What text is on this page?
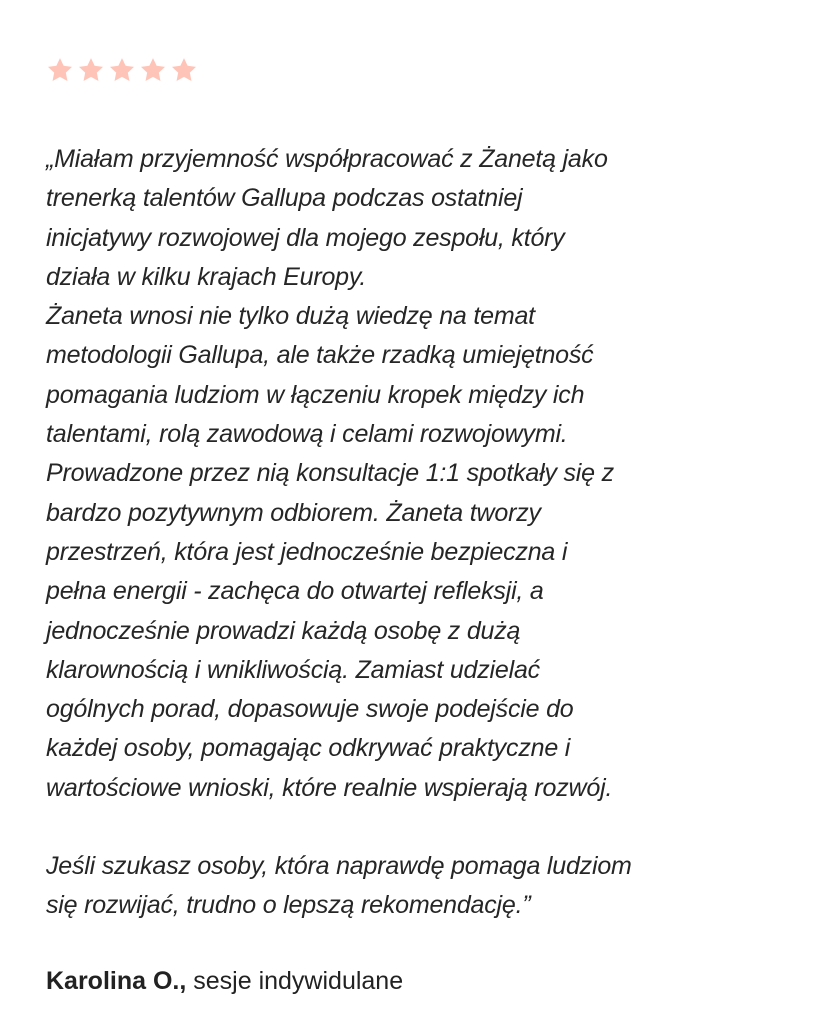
„Miałam przyjemność współpracować z Żanetą jako

trenerką talentów Gallupa podczas ostatniej

inicjatywy rozwojowej dla mojego zespołu, który

działa w kilku krajach Europy.

Żaneta wnosi nie tylko dużą wiedzę na temat

metodologii Gallupa, ale także rzadką umiejętność

pomagania ludziom w łączeniu kropek między ich

talentami, rolą zawodową i celami rozwojowymi.

Prowadzone przez nią konsultacje 1:1 spotkały się z

bardzo pozytywnym odbiorem. Żaneta tworzy

przestrzeń, która jest jednocześnie bezpieczna i

pełna energii - zachęca do otwartej refleksji, a

jednocześnie prowadzi każdą osobę z dużą

klarownością i wnikliwością. Zamiast udzielać

ogólnych porad, dopasowuje swoje podejście do

każdej osoby, pomagając odkrywać praktyczne i

wartościowe wnioski, które realnie wspierają rozwój.

Jeśli szukasz osoby, która naprawdę pomaga ludziom

się rozwijać, trudno o lepszą rekomendację.”

Karolina O., sesje indywidulane
